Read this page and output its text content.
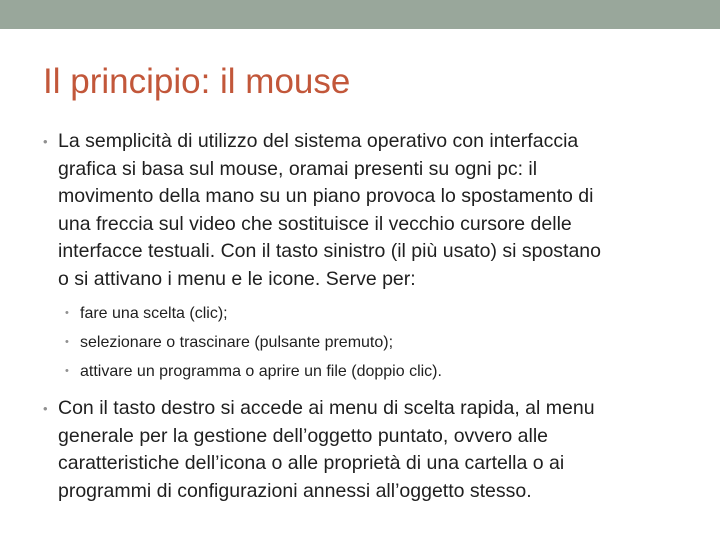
Il principio: il mouse
• La semplicità di utilizzo del sistema operativo con interfaccia
grafica si basa sul mouse, oramai presenti su ogni pc: il
movimento della mano su un piano provoca lo spostamento di
una freccia sul video che sostituisce il vecchio cursore delle
interfacce testuali. Con il tasto sinistro (il più usato) si spostano
o si attivano i menu e le icone. Serve per:
• fare una scelta (clic);
• selezionare o trascinare (pulsante premuto);
• attivare un programma o aprire un file (doppio clic).
• Con il tasto destro si accede ai menu di scelta rapida, al menu
generale per la gestione dell’oggetto puntato, ovvero alle
caratteristiche dell’icona o alle proprietà di una cartella o ai
programmi di configurazioni annessi all’oggetto stesso.
